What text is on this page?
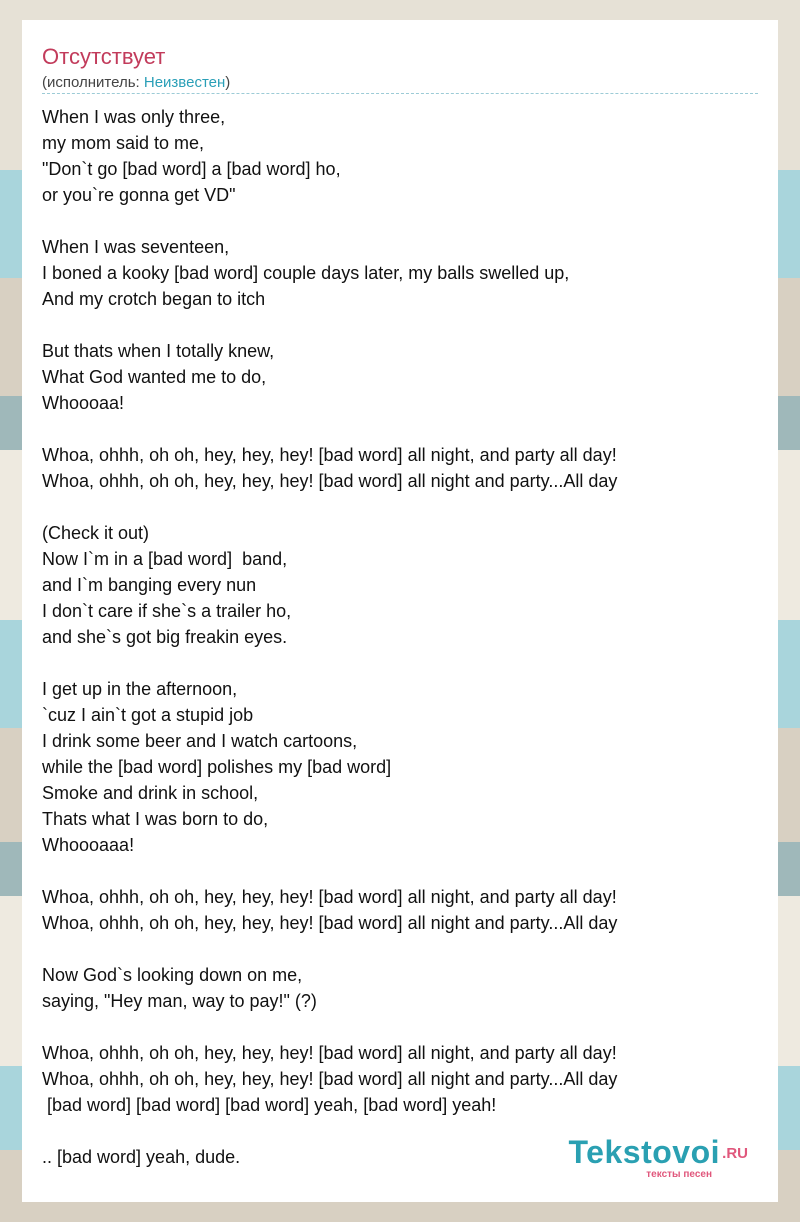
Отсутствует
(исполнитель: Неизвестен)
When I was only three,
my mom said to me,
"Don`t go [bad word] a [bad word] ho,
or you`re gonna get VD"
When I was seventeen,
I boned a kooky [bad word] couple days later, my balls swelled up,
And my crotch began to itch
But thats when I totally knew,
What God wanted me to do,
Whoooaa!
Whoa, ohhh, oh oh, hey, hey, hey! [bad word] all night, and party all day!
Whoa, ohhh, oh oh, hey, hey, hey! [bad word] all night and party...All day
(Check it out)
Now I`m in a [bad word]  band,
and I`m banging every nun
I don`t care if she`s a trailer ho,
and she`s got big freakin eyes.
I get up in the afternoon,
`cuz I ain`t got a stupid job
I drink some beer and I watch cartoons,
while the [bad word] polishes my [bad word]
Smoke and drink in school,
Thats what I was born to do,
Whoooaaa!
Whoa, ohhh, oh oh, hey, hey, hey! [bad word] all night, and party all day!
Whoa, ohhh, oh oh, hey, hey, hey! [bad word] all night and party...All day
Now God`s looking down on me,
saying, "Hey man, way to pay!" (?)
Whoa, ohhh, oh oh, hey, hey, hey! [bad word] all night, and party all day!
Whoa, ohhh, oh oh, hey, hey, hey! [bad word] all night and party...All day
[bad word] [bad word] [bad word] yeah, [bad word] yeah!
.. [bad word] yeah, dude.	Tekstovoi .RU
тексты песен
